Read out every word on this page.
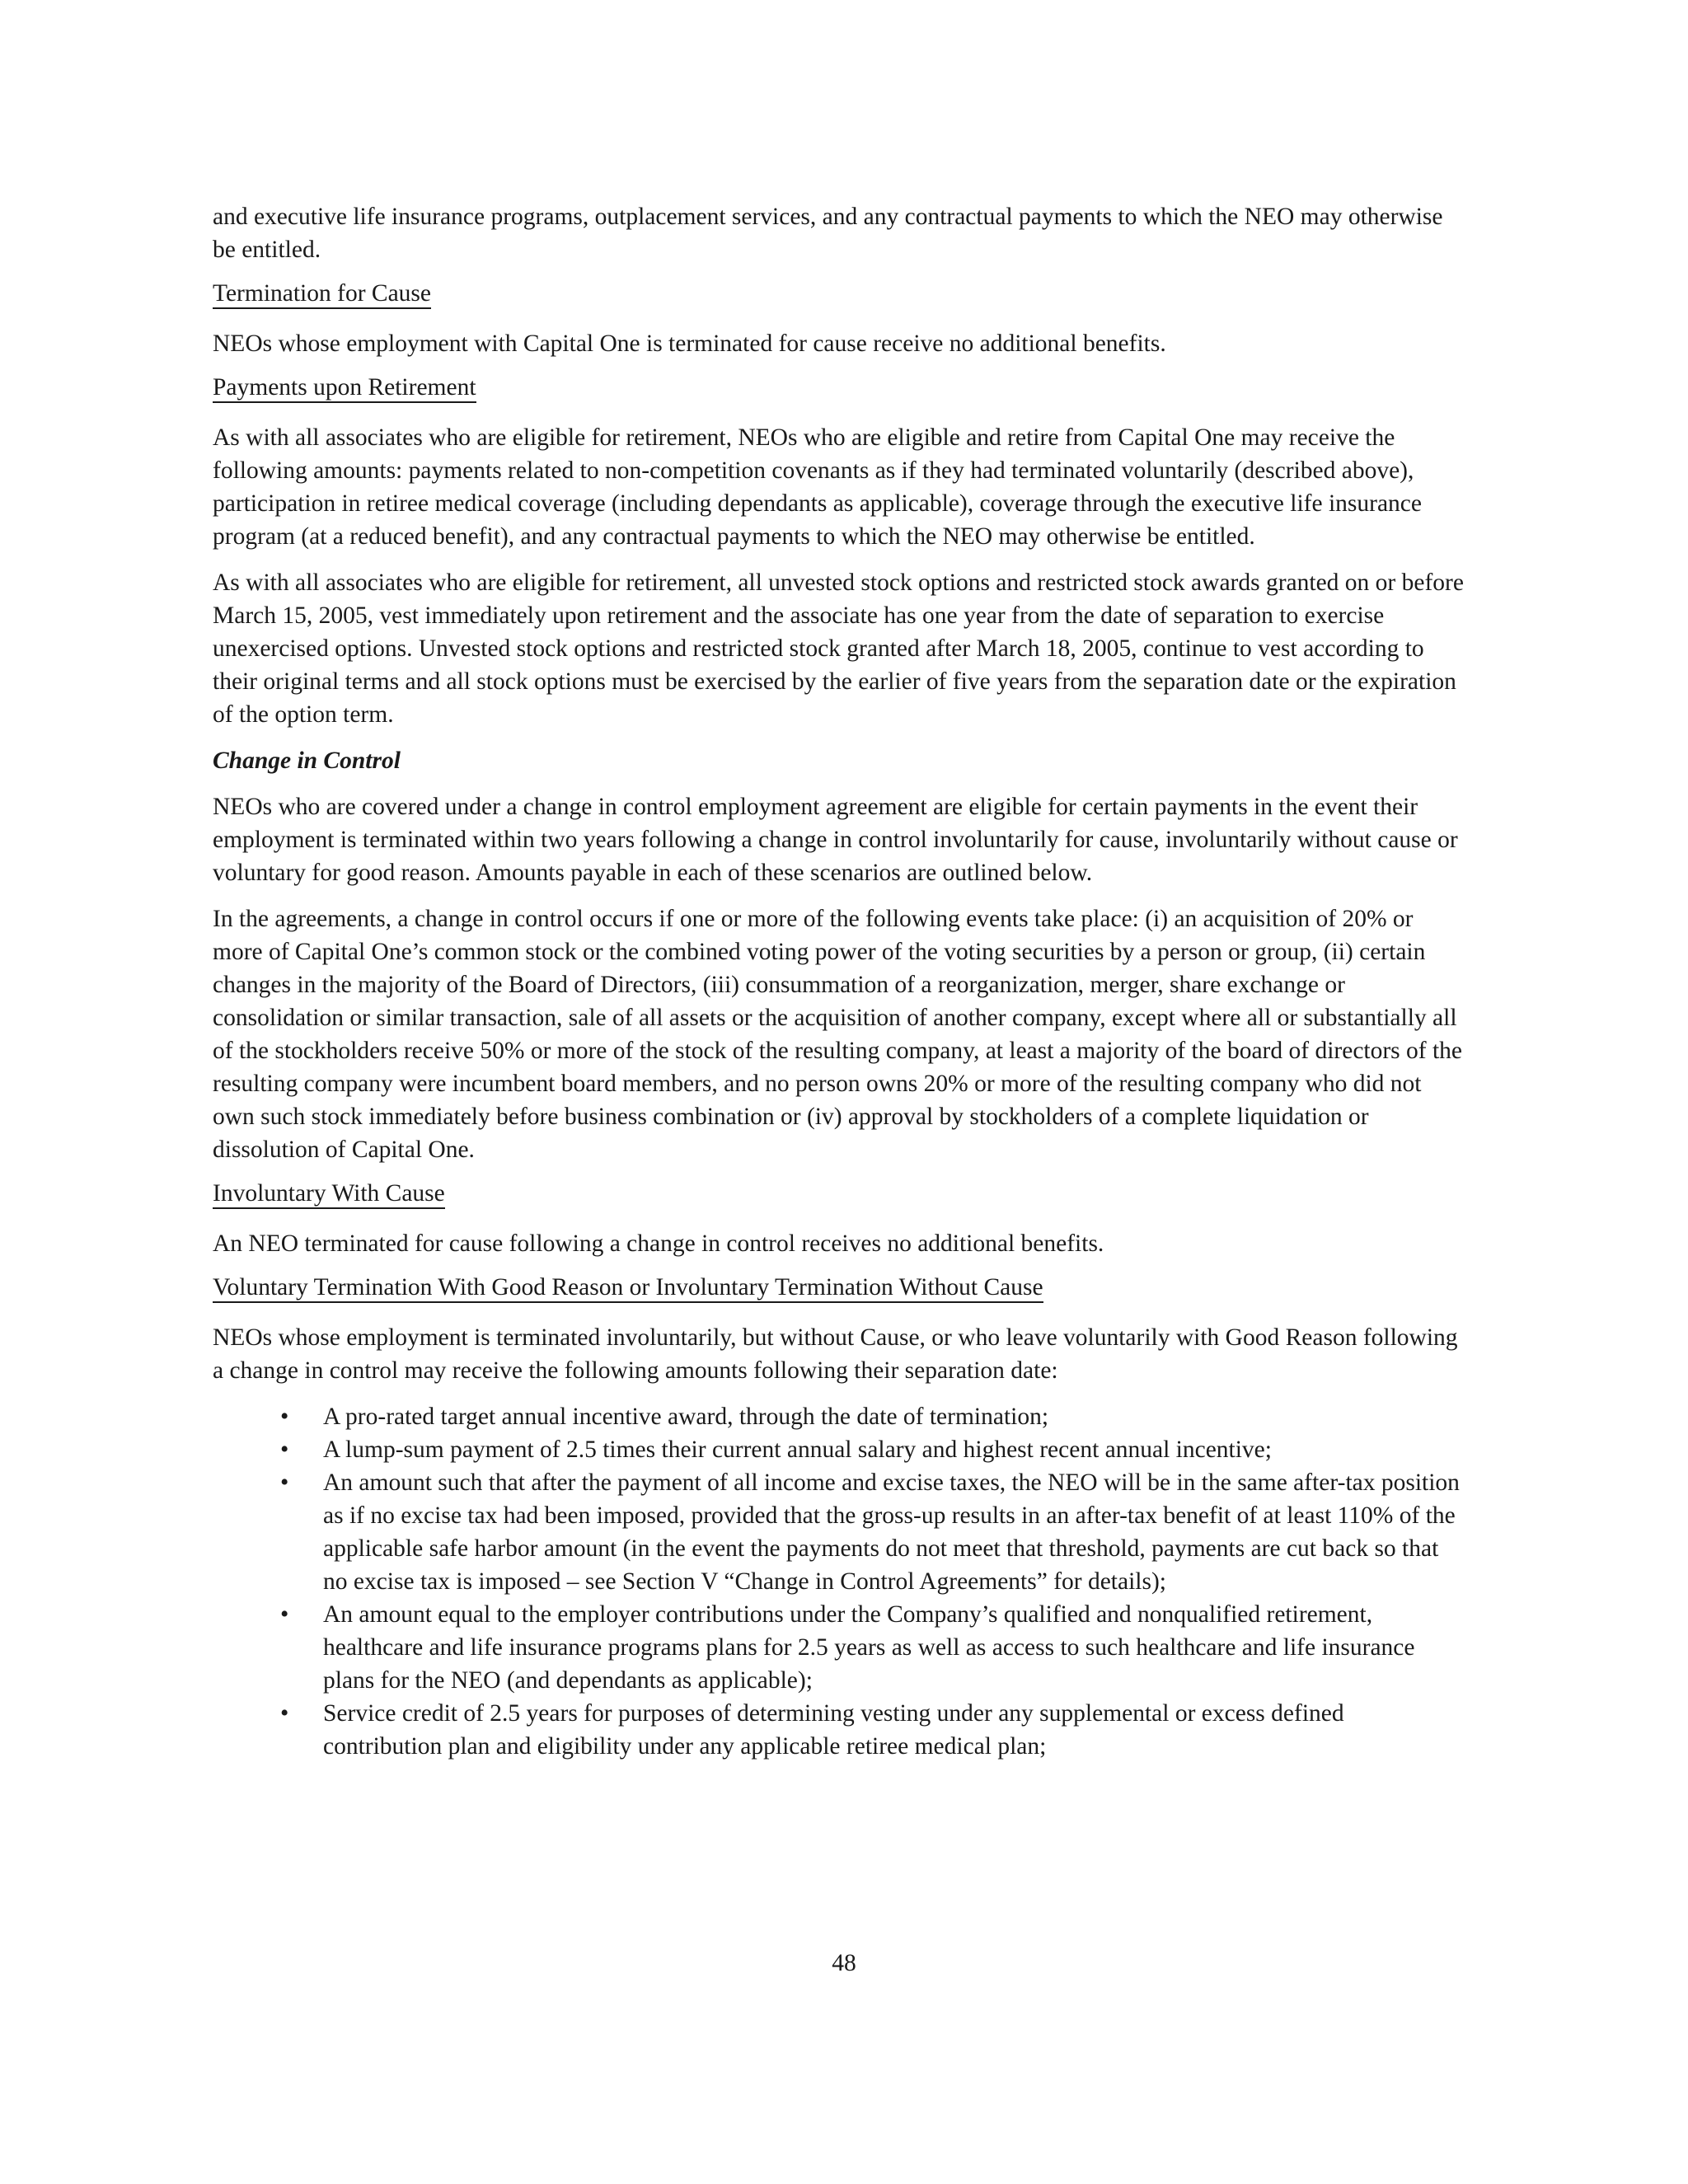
and executive life insurance programs, outplacement services, and any contractual payments to which the NEO may otherwise be entitled.

Termination for Cause

NEOs whose employment with Capital One is terminated for cause receive no additional benefits.

Payments upon Retirement

As with all associates who are eligible for retirement, NEOs who are eligible and retire from Capital One may receive the following amounts: payments related to non-competition covenants as if they had terminated voluntarily (described above), participation in retiree medical coverage (including dependants as applicable), coverage through the executive life insurance program (at a reduced benefit), and any contractual payments to which the NEO may otherwise be entitled.

As with all associates who are eligible for retirement, all unvested stock options and restricted stock awards granted on or before March 15, 2005, vest immediately upon retirement and the associate has one year from the date of separation to exercise unexercised options. Unvested stock options and restricted stock granted after March 18, 2005, continue to vest according to their original terms and all stock options must be exercised by the earlier of five years from the separation date or the expiration of the option term.

Change in Control

NEOs who are covered under a change in control employment agreement are eligible for certain payments in the event their employment is terminated within two years following a change in control involuntarily for cause, involuntarily without cause or voluntary for good reason. Amounts payable in each of these scenarios are outlined below.

In the agreements, a change in control occurs if one or more of the following events take place: (i) an acquisition of 20% or more of Capital One’s common stock or the combined voting power of the voting securities by a person or group, (ii) certain changes in the majority of the Board of Directors, (iii) consummation of a reorganization, merger, share exchange or consolidation or similar transaction, sale of all assets or the acquisition of another company, except where all or substantially all of the stockholders receive 50% or more of the stock of the resulting company, at least a majority of the board of directors of the resulting company were incumbent board members, and no person owns 20% or more of the resulting company who did not own such stock immediately before business combination or (iv) approval by stockholders of a complete liquidation or dissolution of Capital One.

Involuntary With Cause

An NEO terminated for cause following a change in control receives no additional benefits.

Voluntary Termination With Good Reason or Involuntary Termination Without Cause

NEOs whose employment is terminated involuntarily, but without Cause, or who leave voluntarily with Good Reason following a change in control may receive the following amounts following their separation date:

• A pro-rated target annual incentive award, through the date of termination;
• A lump-sum payment of 2.5 times their current annual salary and highest recent annual incentive;
• An amount such that after the payment of all income and excise taxes, the NEO will be in the same after-tax position as if no excise tax had been imposed, provided that the gross-up results in an after-tax benefit of at least 110% of the applicable safe harbor amount (in the event the payments do not meet that threshold, payments are cut back so that no excise tax is imposed – see Section V “Change in Control Agreements” for details);
• An amount equal to the employer contributions under the Company’s qualified and nonqualified retirement, healthcare and life insurance programs plans for 2.5 years as well as access to such healthcare and life insurance plans for the NEO (and dependants as applicable);
• Service credit of 2.5 years for purposes of determining vesting under any supplemental or excess defined contribution plan and eligibility under any applicable retiree medical plan;
48
